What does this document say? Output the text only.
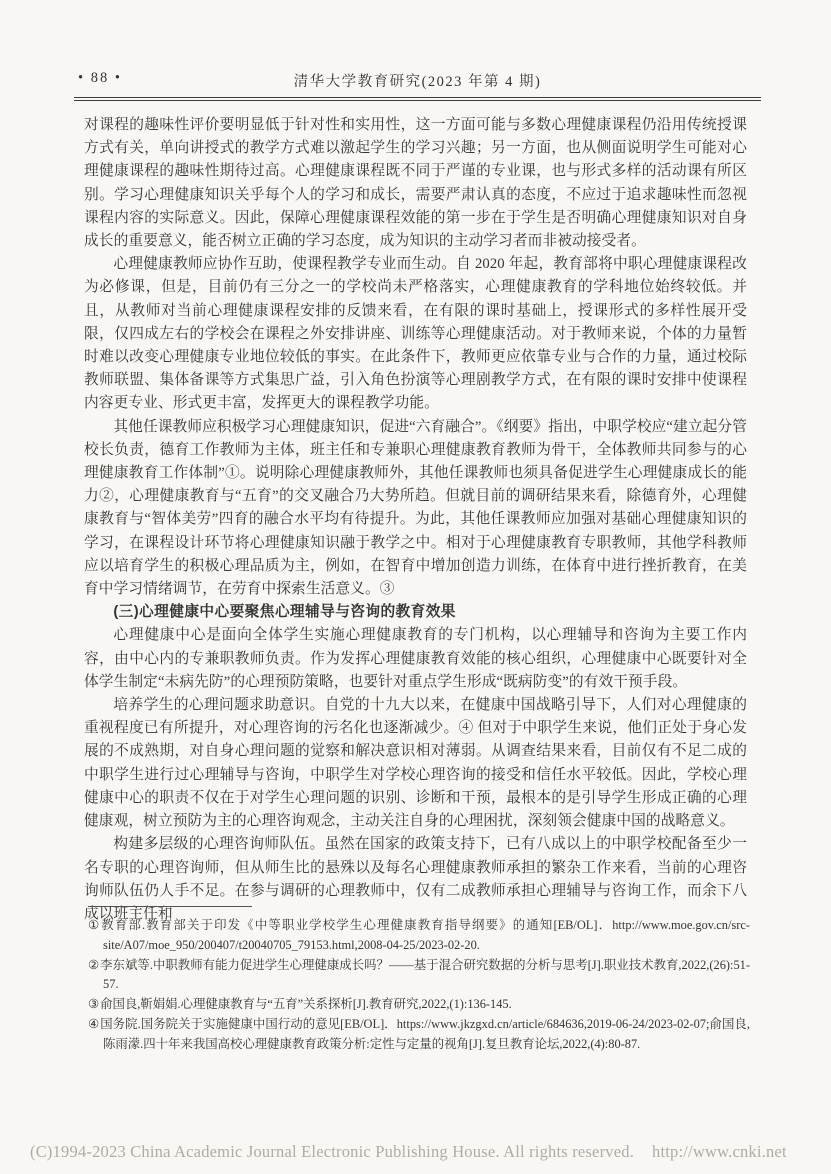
• 88 •	清华大学教育研究(2023 年第 4 期)

对课程的趣味性评价要明显低于针对性和实用性，这一方面可能与多数心理健康课程仍沿用传统授课方式有关，单向讲授式的教学方式难以激起学生的学习兴趣；另一方面，也从侧面说明学生可能对心理健康课程的趣味性期待过高。心理健康课程既不同于严谨的专业课，也与形式多样的活动课有所区别。学习心理健康知识关乎每个人的学习和成长，需要严肃认真的态度，不应过于追求趣味性而忽视课程内容的实际意义。因此，保障心理健康课程效能的第一步在于学生是否明确心理健康知识对自身成长的重要意义，能否树立正确的学习态度，成为知识的主动学习者而非被动接受者。

心理健康教师应协作互助，使课程教学专业而生动。自 2020 年起，教育部将中职心理健康课程改为必修课，但是，目前仍有三分之一的学校尚未严格落实，心理健康教育的学科地位始终较低。并且，从教师对当前心理健康课程安排的反馈来看，在有限的课时基础上，授课形式的多样性展开受限，仅四成左右的学校会在课程之外安排讲座、训练等心理健康活动。对于教师来说，个体的力量暂时难以改变心理健康专业地位较低的事实。在此条件下，教师更应依靠专业与合作的力量，通过校际教师联盟、集体备课等方式集思广益，引入角色扮演等心理剧教学方式，在有限的课时安排中使课程内容更专业、形式更丰富，发挥更大的课程教学功能。

其他任课教师应积极学习心理健康知识，促进“六育融合”。《纲要》指出，中职学校应“建立起分管校长负责，德育工作教师为主体，班主任和专兼职心理健康教育教师为骨干，全体教师共同参与的心理健康教育工作体制”①。说明除心理健康教师外，其他任课教师也须具备促进学生心理健康成长的能力②，心理健康教育与“五育”的交叉融合乃大势所趋。但就目前的调研结果来看，除德育外，心理健康教育与“智体美劳”四育的融合水平均有待提升。为此，其他任课教师应加强对基础心理健康知识的学习，在课程设计环节将心理健康知识融于教学之中。相对于心理健康教育专职教师，其他学科教师应以培育学生的积极心理品质为主，例如，在智育中增加创造力训练，在体育中进行挫折教育，在美育中学习情绪调节，在劳育中探索生活意义。③

(三)心理健康中心要聚焦心理辅导与咨询的教育效果

心理健康中心是面向全体学生实施心理健康教育的专门机构，以心理辅导和咨询为主要工作内容，由中心内的专兼职教师负责。作为发挥心理健康教育效能的核心组织，心理健康中心既要针对全体学生制定“未病先防”的心理预防策略，也要针对重点学生形成“既病防变”的有效干预手段。

培养学生的心理问题求助意识。自党的十九大以来，在健康中国战略引导下，人们对心理健康的重视程度已有所提升，对心理咨询的污名化也逐渐减少。④ 但对于中职学生来说，他们正处于身心发展的不成熟期，对自身心理问题的觉察和解决意识相对薄弱。从调查结果来看，目前仅有不足二成的中职学生进行过心理辅导与咨询，中职学生对学校心理咨询的接受和信任水平较低。因此，学校心理健康中心的职责不仅在于对学生心理问题的识别、诊断和干预，最根本的是引导学生形成正确的心理健康观，树立预防为主的心理咨询观念，主动关注自身的心理困扰，深刻领会健康中国的战略意义。

构建多层级的心理咨询师队伍。虽然在国家的政策支持下，已有八成以上的中职学校配备至少一名专职的心理咨询师，但从师生比的悬殊以及每名心理健康教师承担的繁杂工作来看，当前的心理咨询师队伍仍人手不足。在参与调研的心理教师中，仅有二成教师承担心理辅导与咨询工作，而余下八成以班主任和

①教育部.教育部关于印发《中等职业学校学生心理健康教育指导纲要》的通知[EB/OL]．http://www.moe.gov.cn/src-site/A07/moe_950/200407/t20040705_79153.html,2008-04-25/2023-02-20.

②李东斌等.中职教师有能力促进学生心理健康成长吗？——基于混合研究数据的分析与思考[J].职业技术教育,2022,(26):51-57.

③俞国良,靳娟娟.心理健康教育与“五育”关系探析[J].教育研究,2022,(1):136-145.

④国务院.国务院关于实施健康中国行动的意见[EB/OL]．https://www.jkzgxd.cn/article/684636,2019-06-24/2023-02-07;俞国良,陈雨濛.四十年来我国高校心理健康教育政策分析:定性与定量的视角[J].复旦教育论坛,2022,(4):80-87.

(C)1994-2023 China Academic Journal Electronic Publishing House. All rights reserved. http://www.cnki.net
